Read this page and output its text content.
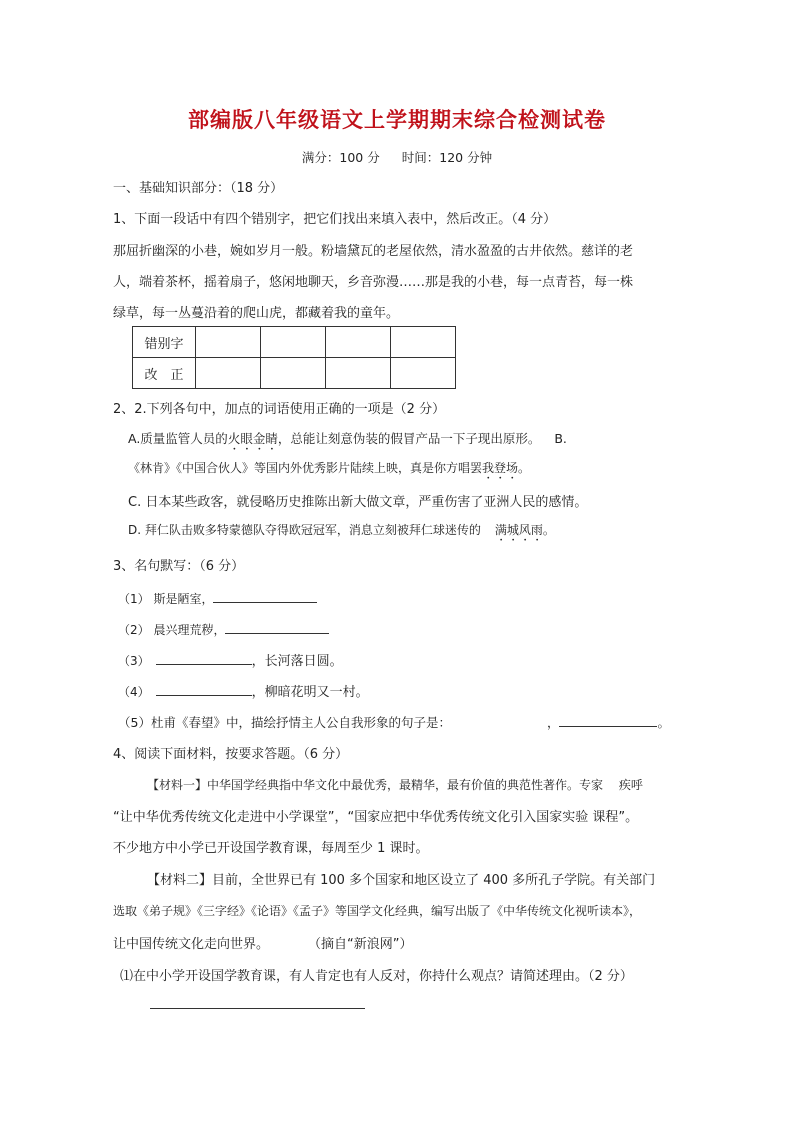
部编版八年级语文上学期期末综合检测试卷
满分：100 分 时间：120 分钟
一、基础知识部分：（18 分）
1、下面一段话中有四个错别字，把它们找出来填入表中，然后改正。（4 分）
那屈折幽深的小巷，婉如岁月一般。粉墙黛瓦的老屋依然，清水盈盈的古井依然。慈详的老
人，端着茶杯，摇着扇子，悠闲地聊天，乡音弥漫……那是我的小巷，每一点青苔，每一株
绿草，每一丛蔓沿着的爬山虎，都藏着我的童年。
错别字				
改　正				
2、2.下列各句中，加点的词语使用正确的一项是（2 分）
A.质量监管人员的火眼金睛，总能让刻意伪装的假冒产品一下子现出原形。 B.
《林肯》《中国合伙人》等国内外优秀影片陆续上映，真是你方唱罢我登场。
C. 日本某些政客，就侵略历史推陈出新大做文章，严重伤害了亚洲人民的感情。
D. 拜仁队击败多特蒙德队夺得欧冠冠军，消息立刻被拜仁球迷传的 满城风雨。
3、名句默写：（6 分）
（1） 斯是陋室，
（2） 晨兴理荒秽，
（3）	，长河落日圆。
（4）	，柳暗花明又一村。
（5）杜甫《春望》中，描绘抒情主人公自我形象的句子是：	，	。
4、阅读下面材料，按要求答题。（6 分）
【材料一】中华国学经典指中华文化中最优秀，最精华，最有价值的典范性著作。专家　 疾呼
“让中华优秀传统文化走进中小学课堂”，“国家应把中华优秀传统文化引入国家实验 课程”。
不少地方中小学已开设国学教育课，每周至少 1 课时。
【材料二】目前，全世界已有 100 多个国家和地区设立了 400 多所孔子学院。有关部门
选取《弟子规》《三字经》《论语》《孟子》等国学文化经典，编写出版了《中华传统文化视听读本》，
让中国传统文化走向世界。　　　　（摘自“新浪网”）
⑴在中小学开设国学教育课，有人肯定也有人反对，你持什么观点？请简述理由。（2 分）
